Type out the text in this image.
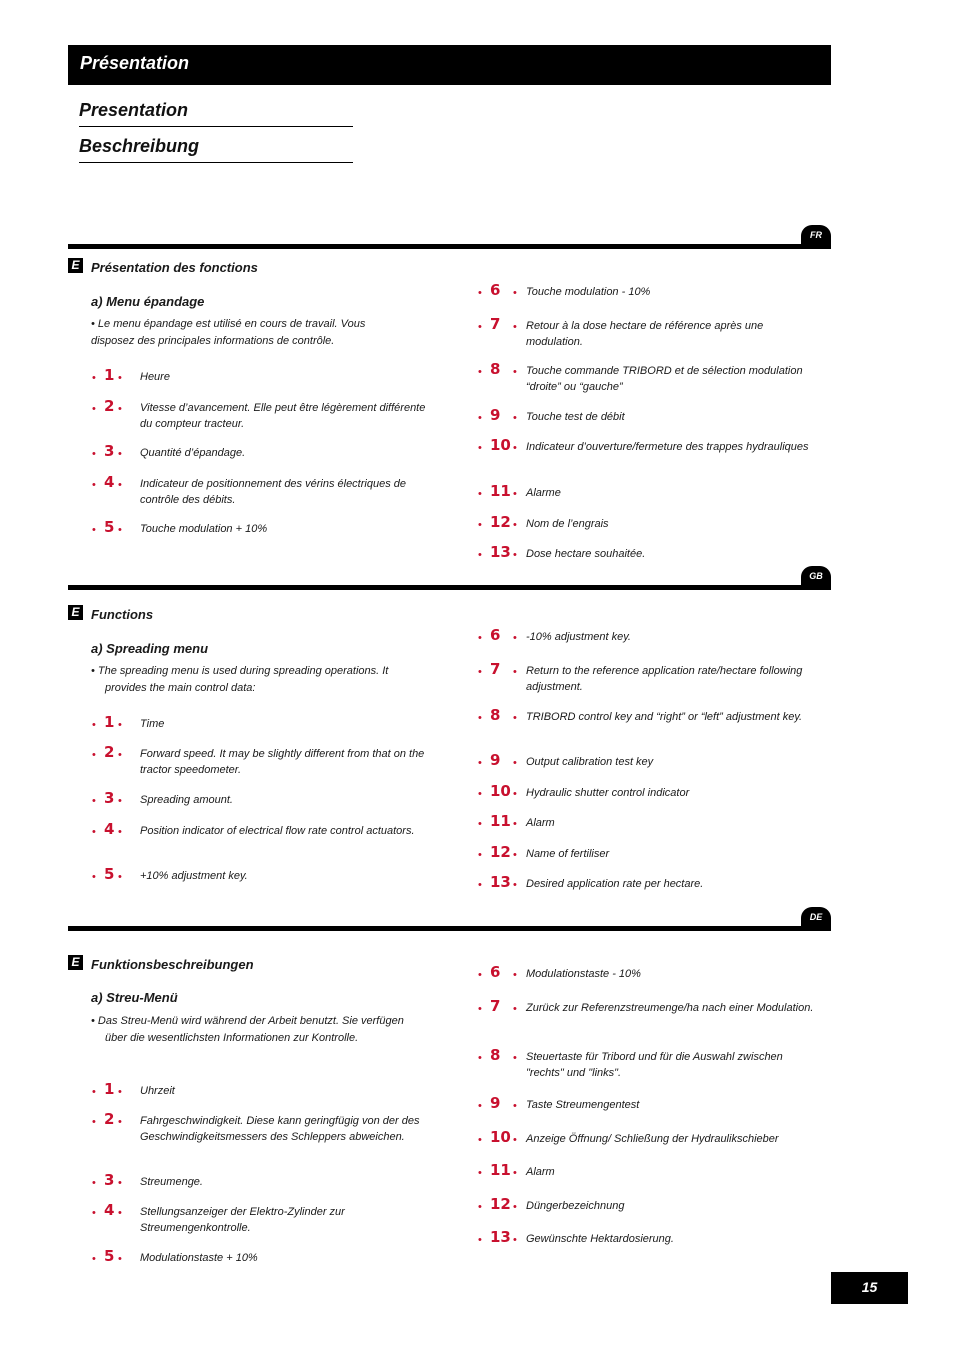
Présentation
Presentation
Beschreibung
FR
E Présentation des fonctions
a) Menu épandage
• Le menu épandage est utilisé en cours de travail. Vous disposez des principales informations de contrôle.
• 1 • Heure
• 2 • Vitesse d’avancement. Elle peut être légèrement différente du compteur tracteur.
• 3 • Quantité d’épandage.
• 4 • Indicateur de positionnement des vérins électriques de contrôle des débits.
• 5 • Touche modulation + 10%
• 6 • Touche modulation - 10%
• 7 • Retour à la dose hectare de référence après une modulation.
• 8 • Touche commande TRIBORD et de sélection modulation “droite” ou “gauche”
• 9 • Touche test de débit
• 10 • Indicateur d’ouverture/fermeture des trappes hydrauliques
• 11 • Alarme
• 12 • Nom de l’engrais
• 13 • Dose hectare souhaitée.
GB
E Functions
a) Spreading menu
• The spreading menu is used during spreading operations. It provides the main control data:
• 1 • Time
• 2 • Forward speed. It may be slightly different from that on the tractor speedometer.
• 3 • Spreading amount.
• 4 • Position indicator of electrical flow rate control actuators.
• 5 • +10% adjustment key.
• 6 • -10% adjustment key.
• 7 • Return to the reference application rate/hectare following adjustment.
• 8 • TRIBORD control key and “right” or “left” adjustment key.
• 9 • Output calibration test key
• 10 • Hydraulic shutter control indicator
• 11 • Alarm
• 12 • Name of fertiliser
• 13 • Desired application rate per hectare.
DE
E Funktionsbeschreibungen
a) Streu-Menü
• Das Streu-Menü wird während der Arbeit benutzt. Sie verfügen über die wesentlichsten Informationen zur Kontrolle.
• 1 • Uhrzeit
• 2 • Fahrgeschwindigkeit. Diese kann geringfügig von der des Geschwindigkeitsmessers des Schleppers abweichen.
• 3 • Streumenge.
• 4 • Stellungsanzeiger der Elektro-Zylinder zur Streumengenkontrolle.
• 5 • Modulationstaste + 10%
• 6 • Modulationstaste - 10%
• 7 • Zurück zur Referenzstreumenge/ha nach einer Modulation.
• 8 • Steuertaste für Tribord und für die Auswahl zwischen "rechts" und "links".
• 9 • Taste Streumengentest
• 10 • Anzeige Öffnung/ Schließung der Hydraulikschieber
• 11 • Alarm
• 12 • Düngerbezeichnung
• 13 • Gewünschte Hektardosierung.
15
